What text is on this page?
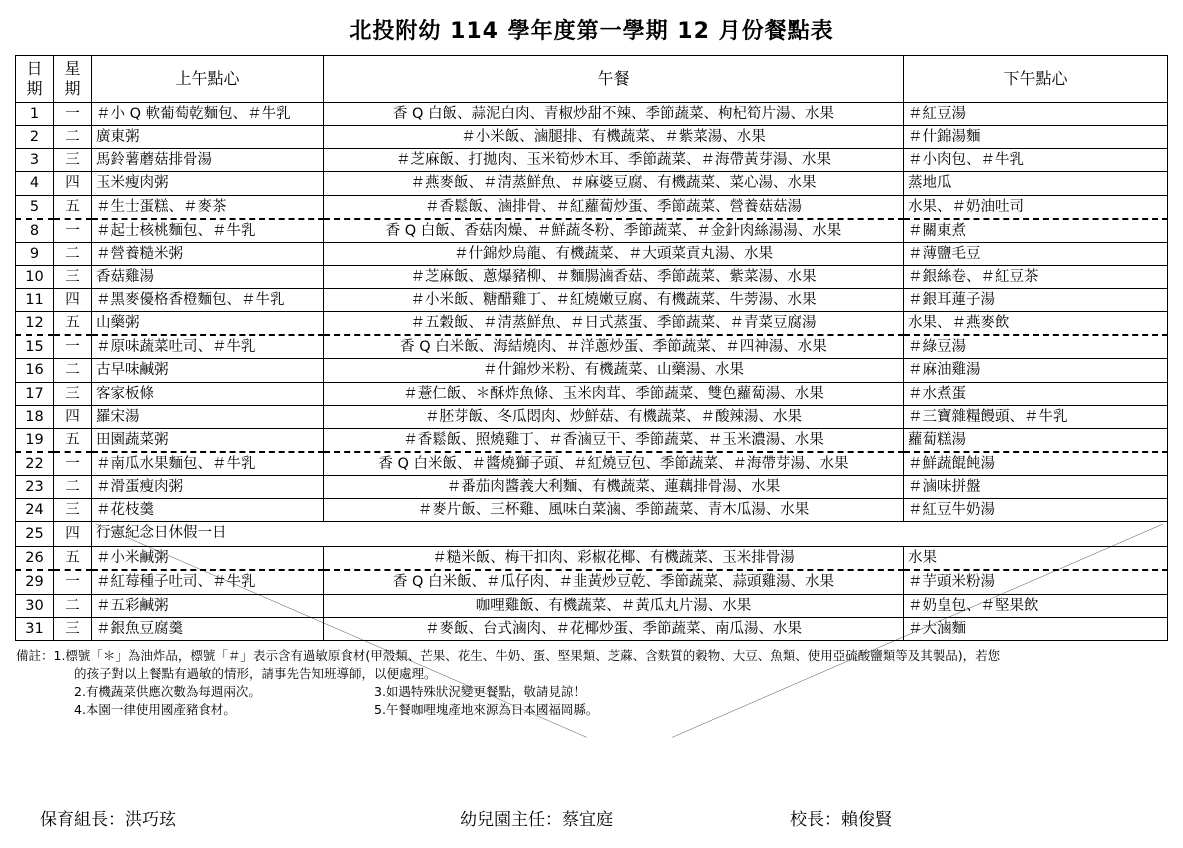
北投附幼 114 學年度第一學期 12 月份餐點表
日期	星期	上午點心	午餐	下午點心
1	一	＃小 Q 軟葡萄乾麵包、＃牛乳	香 Q 白飯、蒜泥白肉、青椒炒甜不辣、季節蔬菜、枸杞筍片湯、水果	＃紅豆湯
2	二	廣東粥	＃小米飯、滷腿排、有機蔬菜、＃紫菜湯、水果	＃什錦湯麵
3	三	馬鈴薯蘑菇排骨湯	＃芝麻飯、打拋肉、玉米筍炒木耳、季節蔬菜、＃海帶黃芽湯、水果	＃小肉包、＃牛乳
4	四	玉米瘦肉粥	＃燕麥飯、＃清蒸鮮魚、＃麻婆豆腐、有機蔬菜、菜心湯、水果	蒸地瓜
5	五	＃生士蛋糕、＃麥茶	＃香鬆飯、滷排骨、＃紅蘿蔔炒蛋、季節蔬菜、營養菇菇湯	水果、＃奶油吐司
8	一	＃起士核桃麵包、＃牛乳	香 Q 白飯、香菇肉燥、＃鮮蔬冬粉、季節蔬菜、＃金針肉絲湯湯、水果	＃關東煮
9	二	＃營養糙米粥	＃什錦炒烏龍、有機蔬菜、＃大頭菜貢丸湯、水果	＃薄鹽毛豆
10	三	香菇雞湯	＃芝麻飯、蔥爆豬柳、＃麵腸滷香菇、季節蔬菜、紫菜湯、水果	＃銀絲卷、＃紅豆茶
11	四	＃黑麥優格香橙麵包、＃牛乳	＃小米飯、糖醋雞丁、＃紅燒嫩豆腐、有機蔬菜、牛蒡湯、水果	＃銀耳蓮子湯
12	五	山藥粥	＃五穀飯、＃清蒸鮮魚、＃日式蒸蛋、季節蔬菜、＃青菜豆腐湯	水果、＃燕麥飲
15	一	＃原味蔬菜吐司、＃牛乳	香 Q 白米飯、海結燒肉、＃洋蔥炒蛋、季節蔬菜、＃四神湯、水果	＃綠豆湯
16	二	古早味鹹粥	＃什錦炒米粉、有機蔬菜、山藥湯、水果	＃麻油雞湯
17	三	客家板條	＃薏仁飯、＊酥炸魚條、玉米肉茸、季節蔬菜、雙色蘿蔔湯、水果	＃水煮蛋
18	四	羅宋湯	＃胚芽飯、冬瓜悶肉、炒鮮菇、有機蔬菜、＃酸辣湯、水果	＃三寶雜糧饅頭、＃牛乳
19	五	田園蔬菜粥	＃香鬆飯、照燒雞丁、＃香滷豆干、季節蔬菜、＃玉米濃湯、水果	蘿蔔糕湯
22	一	＃南瓜水果麵包、＃牛乳	香 Q 白米飯、＃醬燒獅子頭、＃紅燒豆包、季節蔬菜、＃海帶芽湯、水果	＃鮮蔬餛飩湯
23	二	＃滑蛋瘦肉粥	＃番茄肉醬義大利麵、有機蔬菜、蓮藕排骨湯、水果	＃滷味拼盤
24	三	＃花枝羹	＃麥片飯、三杯雞、風味白菜滷、季節蔬菜、青木瓜湯、水果	＃紅豆牛奶湯
25	四	行憲紀念日休假一日		

26	五	＃小米鹹粥	＃糙米飯、梅干扣肉、彩椒花椰、有機蔬菜、玉米排骨湯	水果
29	一	＃紅莓種子吐司、＃牛乳	香 Q 白米飯、＃瓜仔肉、＃韭黃炒豆乾、季節蔬菜、蒜頭雞湯、水果	＃芋頭米粉湯
30	二	＃五彩鹹粥	咖哩雞飯、有機蔬菜、＃黃瓜丸片湯、水果	＃奶皇包、＃堅果飲
31	三	＃銀魚豆腐羹	＃麥飯、台式滷肉、＃花椰炒蛋、季節蔬菜、南瓜湯、水果	＃大滷麵
備註：1.標號「＊」為油炸品，標號「＃」表示含有過敏原食材(甲殼類、芒果、花生、牛奶、蛋、堅果類、芝蔴、含麩質的穀物、大豆、魚類、使用亞硫酸鹽類等及其製品)，若您
的孩子對以上餐點有過敏的情形，請事先告知班導師，以便處理。
2.有機蔬菜供應次數為每週兩次。	3.如遇特殊狀況變更餐點，敬請見諒！
4.本園一律使用國產豬食材。	5.午餐咖哩塊產地來源為日本國福岡縣。
保育組長：洪巧玹	幼兒園主任：蔡宜庭	校長：賴俊賢
